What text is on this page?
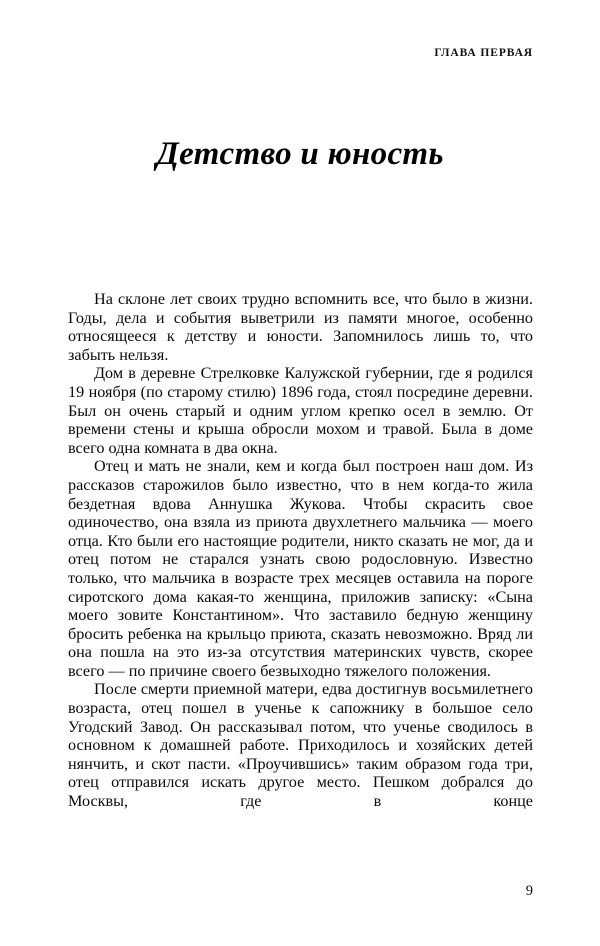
ГЛАВА ПЕРВАЯ
Детство и юность

На склоне лет своих трудно вспомнить все, что было в жизни. Годы, дела и события выветрили из памяти многое, особенно относящееся к детству и юности. Запомнилось лишь то, что забыть нельзя.

Дом в деревне Стрелковке Калужской губернии, где я родился 19 ноября (по старому стилю) 1896 года, стоял посредине деревни. Был он очень старый и одним углом крепко осел в землю. От времени стены и крыша обросли мохом и травой. Была в доме всего одна комната в два окна.

Отец и мать не знали, кем и когда был построен наш дом. Из рассказов старожилов было известно, что в нем когда-то жила бездетная вдова Аннушка Жукова. Чтобы скрасить свое одиночество, она взяла из приюта двухлетнего мальчика — моего отца. Кто были его настоящие родители, никто сказать не мог, да и отец потом не старался узнать свою родословную. Известно только, что мальчика в возрасте трех месяцев оставила на пороге сиротского дома какая-то женщина, приложив записку: «Сына моего зовите Константином». Что заставило бедную женщину бросить ребенка на крыльцо приюта, сказать невозможно. Вряд ли она пошла на это из-за отсутствия материнских чувств, скорее всего — по причине своего безвыходно тяжелого положения.

После смерти приемной матери, едва достигнув восьмилетнего возраста, отец пошел в ученье к сапожнику в большое село Угодский Завод. Он рассказывал потом, что ученье сводилось в основном к домашней работе. Приходилось и хозяйских детей нянчить, и скот пасти. «Проучившись» таким образом года три, отец отправился искать другое место. Пешком добрался до Москвы, где в конце

9
